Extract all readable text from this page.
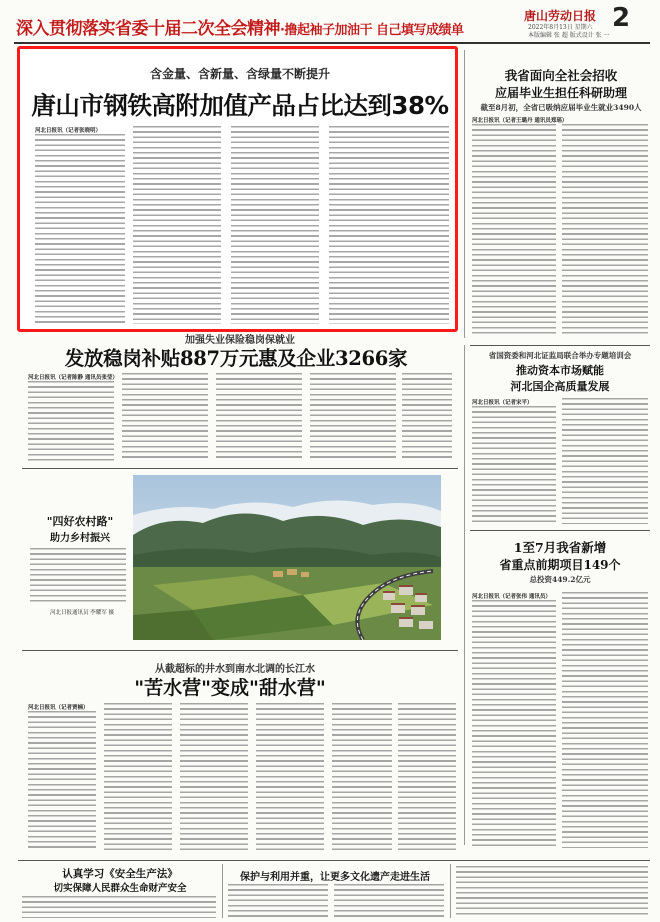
深入贯彻落实省委十届二次全会精神·撸起袖子加油干 自己填写成绩单
唐山劳动日报 2
2022年8月13日 星期六
本版编辑 张 超 版式设计 张 一
含金量、含新量、含绿量不断提升
唐山市钢铁高附加值产品占比达到38%
河北日报讯（记者张晓明）
我省面向全社会招收
应届毕业生担任科研助理
截至8月初，全省已吸纳应届毕业生就业3490人
河北日报讯（记者王璐丹 通讯员郑瑶）
加强失业保险稳岗保就业
发放稳岗补贴887万元惠及企业3266家
河北日报讯（记者陈静 通讯员张莹）
省国资委和河北证监局联合举办专题培训会
推动资本市场赋能
河北国企高质量发展
河北日报讯（记者宋平）
"四好农村路"
助力乡村振兴
河北日报通讯员 李耀军 摄
1至7月我省新增
省重点前期项目149个
总投资449.2亿元
河北日报讯（记者张伟 通讯员）
从截超标的井水到南水北调的长江水
"苦水营"变成"甜水营"
河北日报讯（记者贾楠）
认真学习《安全生产法》
切实保障人民群众生命财产安全
保护与利用并重，让更多文化遗产走进生活
